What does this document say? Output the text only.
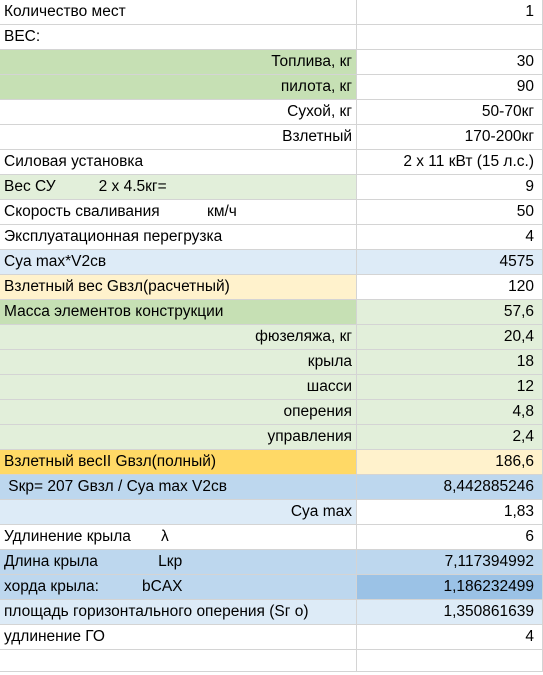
Количество мест	1
ВЕС:
Топлива, кг	30
пилота, кг	90
Сухой, кг	50-70кг
Взлетный	170-200кг
Силовая установка	2 х 11 кВт (15 л.с.)
Вес СУ          2 х 4.5кг=	9
Скорость сваливания           км/ч	50
Эксплуатационная перегрузка	4
Cya max*V2св	4575
Взлетный вес Gвзл(расчетный)	120
Масса элементов конструкции	57,6
фюзеляжа, кг	20,4
крыла	18
шасси	12
оперения	4,8
управления	2,4
Взлетный весII Gвзл(полный)	186,6
Sкр= 207 Gвзл / Cya max V2св	8,442885246
Cya max	1,83
Удлинение крыла       λ	6
Длина крыла              Lкр	7,117394992
хорда крыла:          bCAX	1,186232499
площадь горизонтального оперения (Sг о)	1,350861639
удлинение ГО	4
